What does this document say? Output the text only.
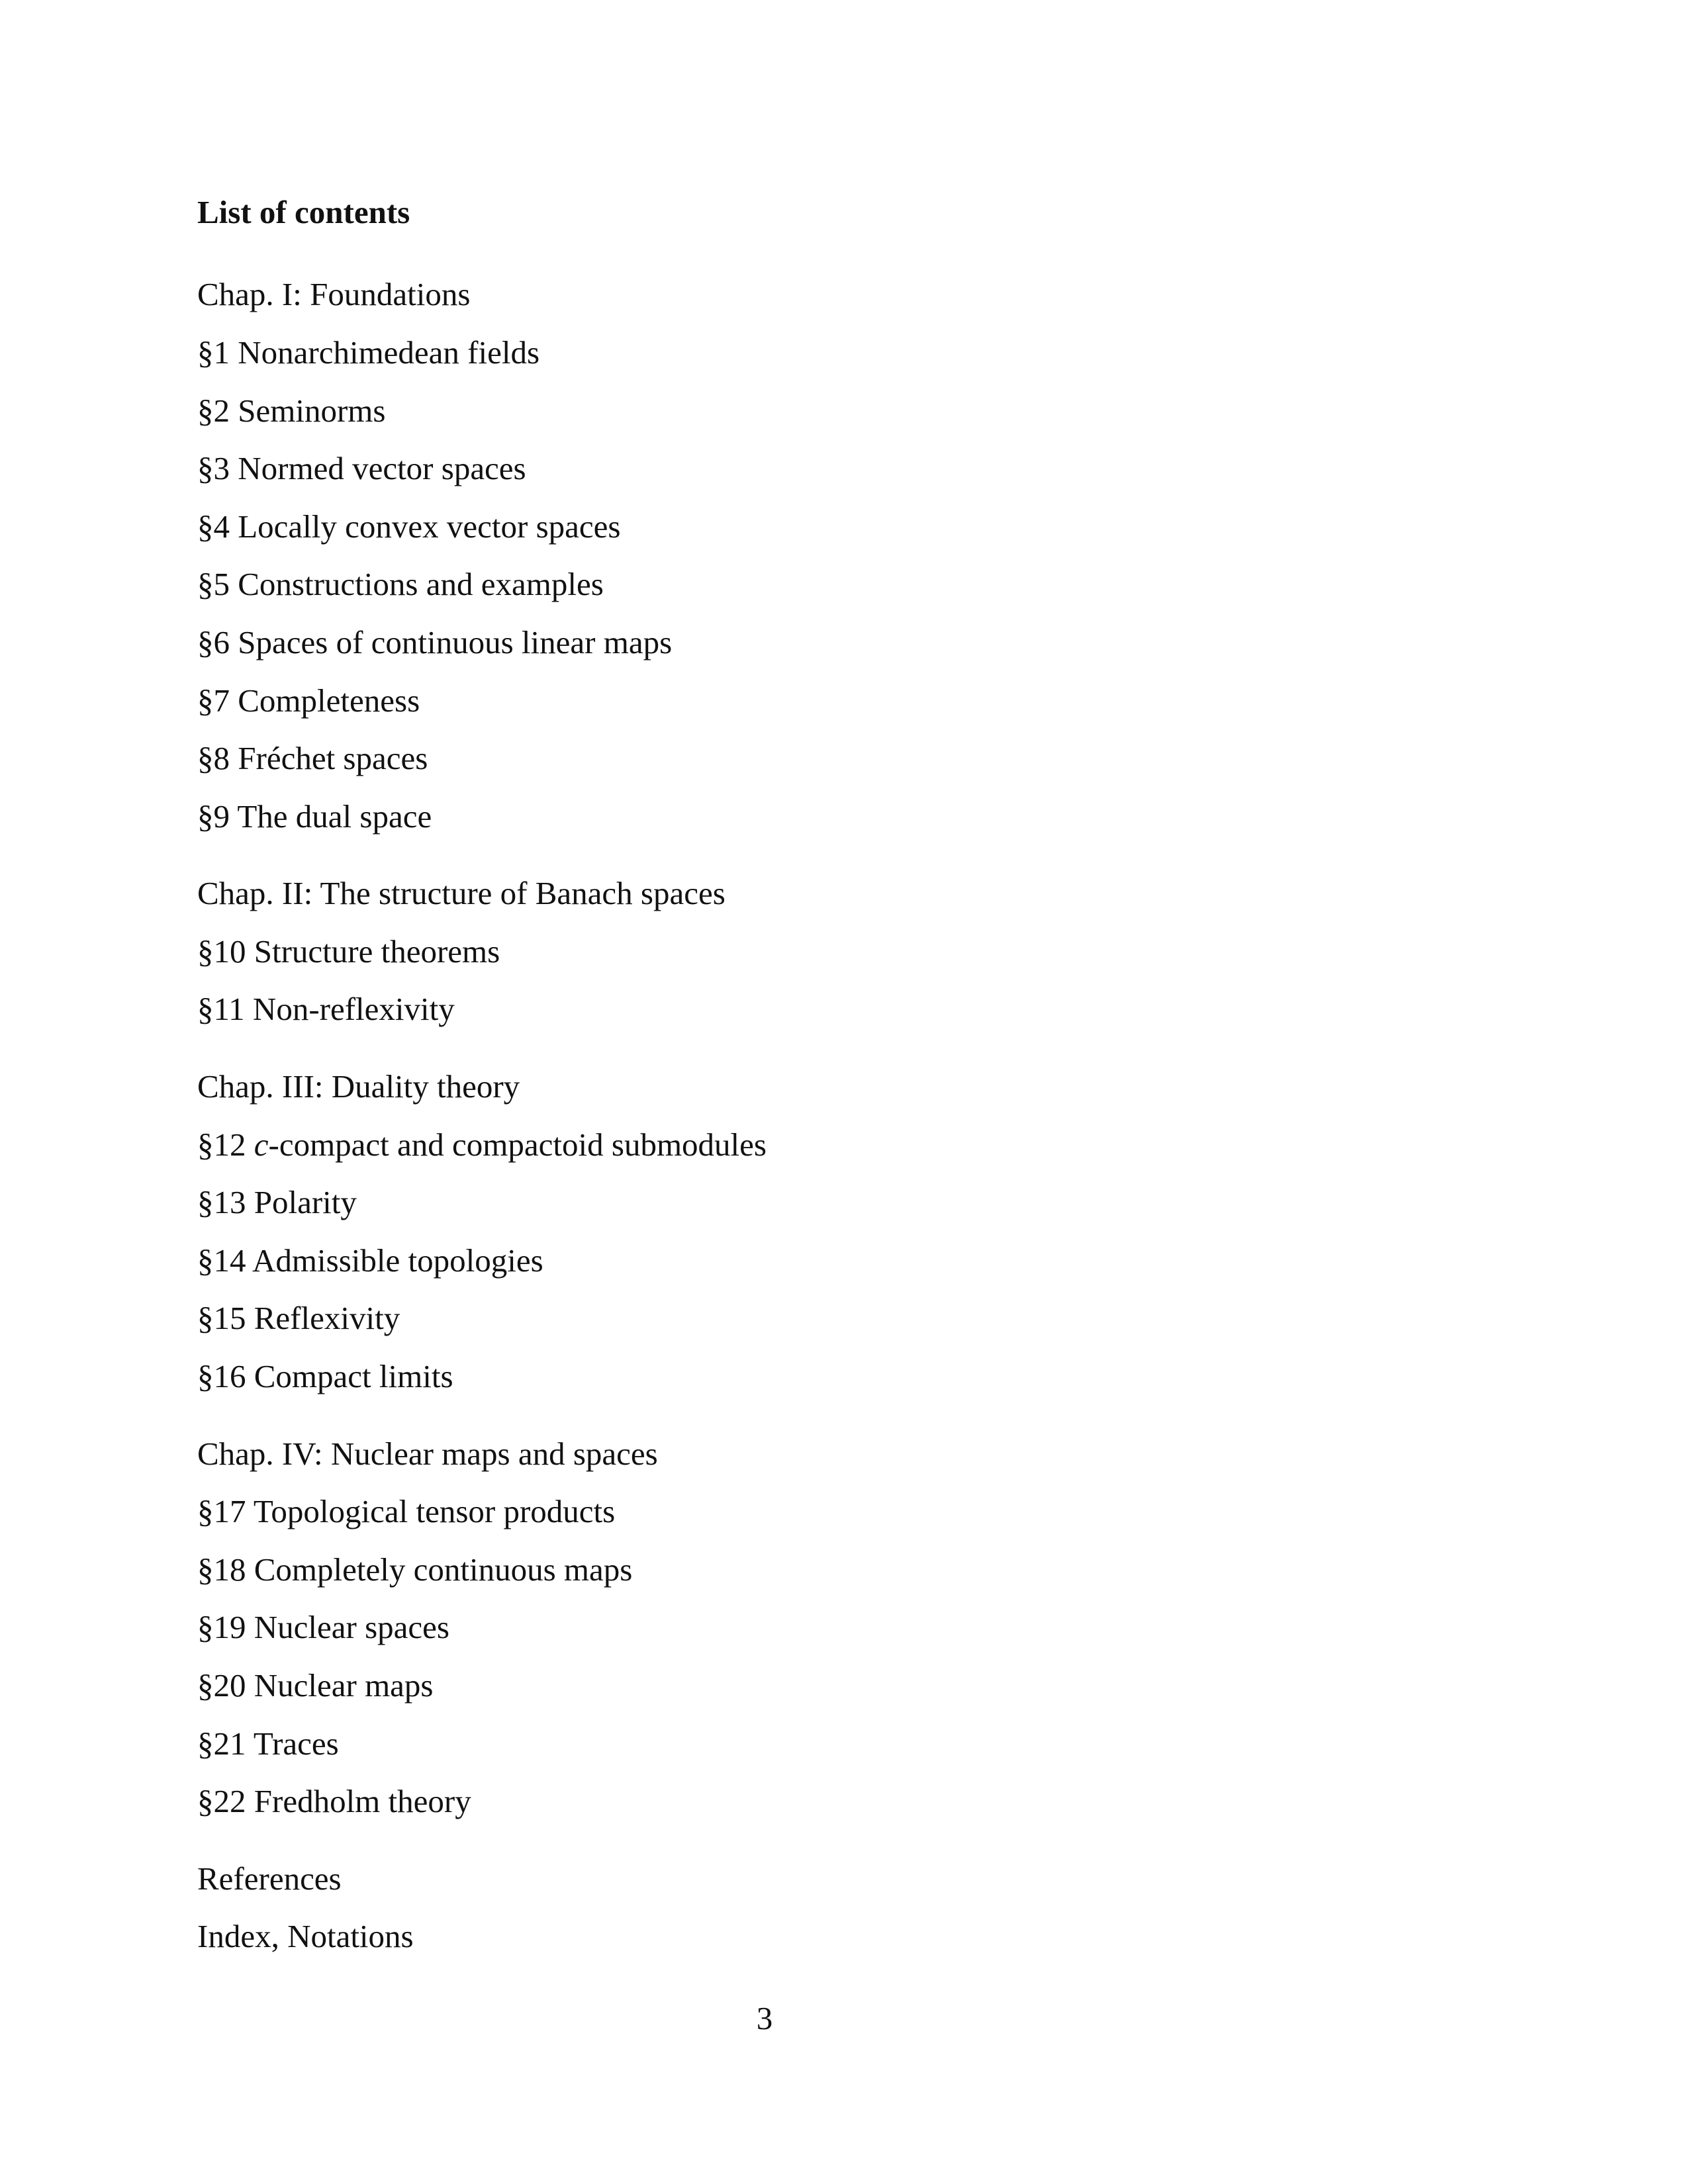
List of contents
Chap. I: Foundations
§1 Nonarchimedean fields
§2 Seminorms
§3 Normed vector spaces
§4 Locally convex vector spaces
§5 Constructions and examples
§6 Spaces of continuous linear maps
§7 Completeness
§8 Fréchet spaces
§9 The dual space
Chap. II: The structure of Banach spaces
§10 Structure theorems
§11 Non-reflexivity
Chap. III: Duality theory
§12 c-compact and compactoid submodules
§13 Polarity
§14 Admissible topologies
§15 Reflexivity
§16 Compact limits
Chap. IV: Nuclear maps and spaces
§17 Topological tensor products
§18 Completely continuous maps
§19 Nuclear spaces
§20 Nuclear maps
§21 Traces
§22 Fredholm theory
References
Index, Notations
3
